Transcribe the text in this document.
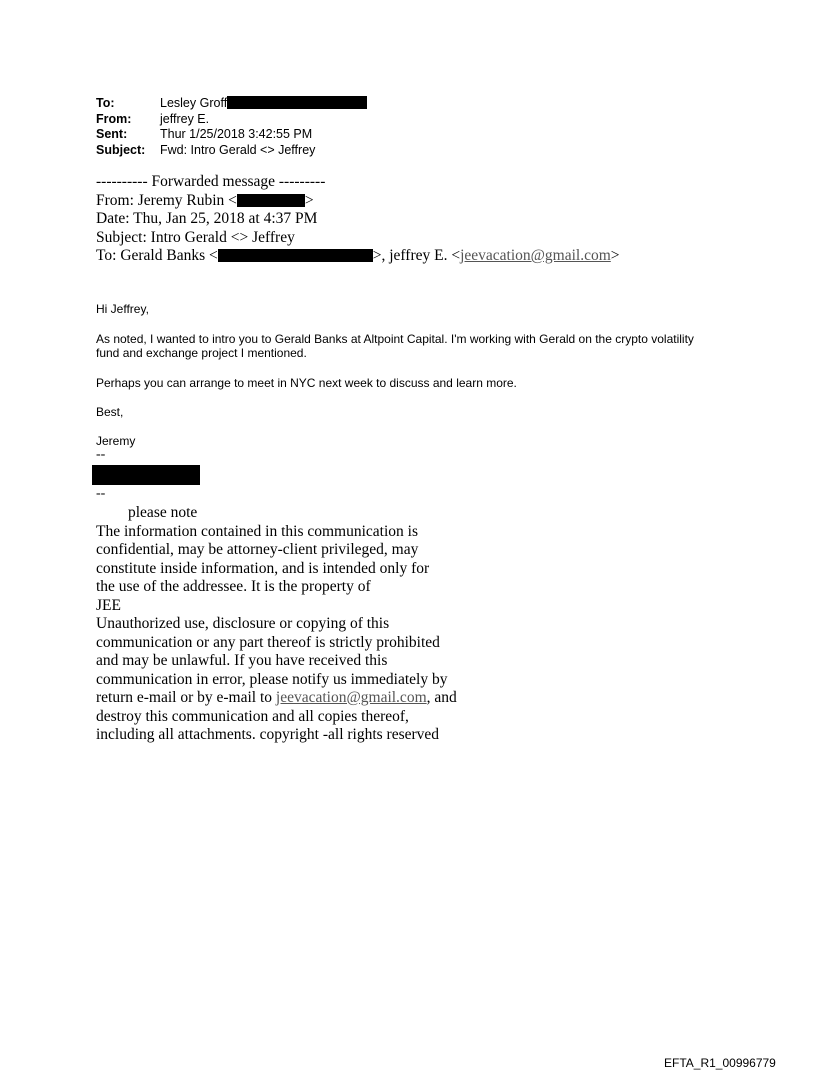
To:	Lesley Groff
From:	jeffrey E.
Sent:	Thur 1/25/2018 3:42:55 PM
Subject:	Fwd: Intro Gerald <> Jeffrey
---------- Forwarded message ---------
From: Jeremy Rubin <	>
Date: Thu, Jan 25, 2018 at 4:37 PM
Subject: Intro Gerald <> Jeffrey
To: Gerald Banks <	>, jeffrey E. <jeevacation@gmail.com>

Hi Jeffrey,

As noted, I wanted to intro you to Gerald Banks at Altpoint Capital. I'm working with Gerald on the crypto volatility fund and exchange project I mentioned.

Perhaps you can arrange to meet in NYC next week to discuss and learn more.

Best,

Jeremy

--
--
please note
The information contained in this communication is
confidential, may be attorney-client privileged, may
constitute inside information, and is intended only for
the use of the addressee. It is the property of
JEE
Unauthorized use, disclosure or copying of this
communication or any part thereof is strictly prohibited
and may be unlawful. If you have received this
communication in error, please notify us immediately by
return e-mail or by e-mail to jeevacation@gmail.com, and
destroy this communication and all copies thereof,
including all attachments. copyright -all rights reserved
EFTA_R1_00996779
